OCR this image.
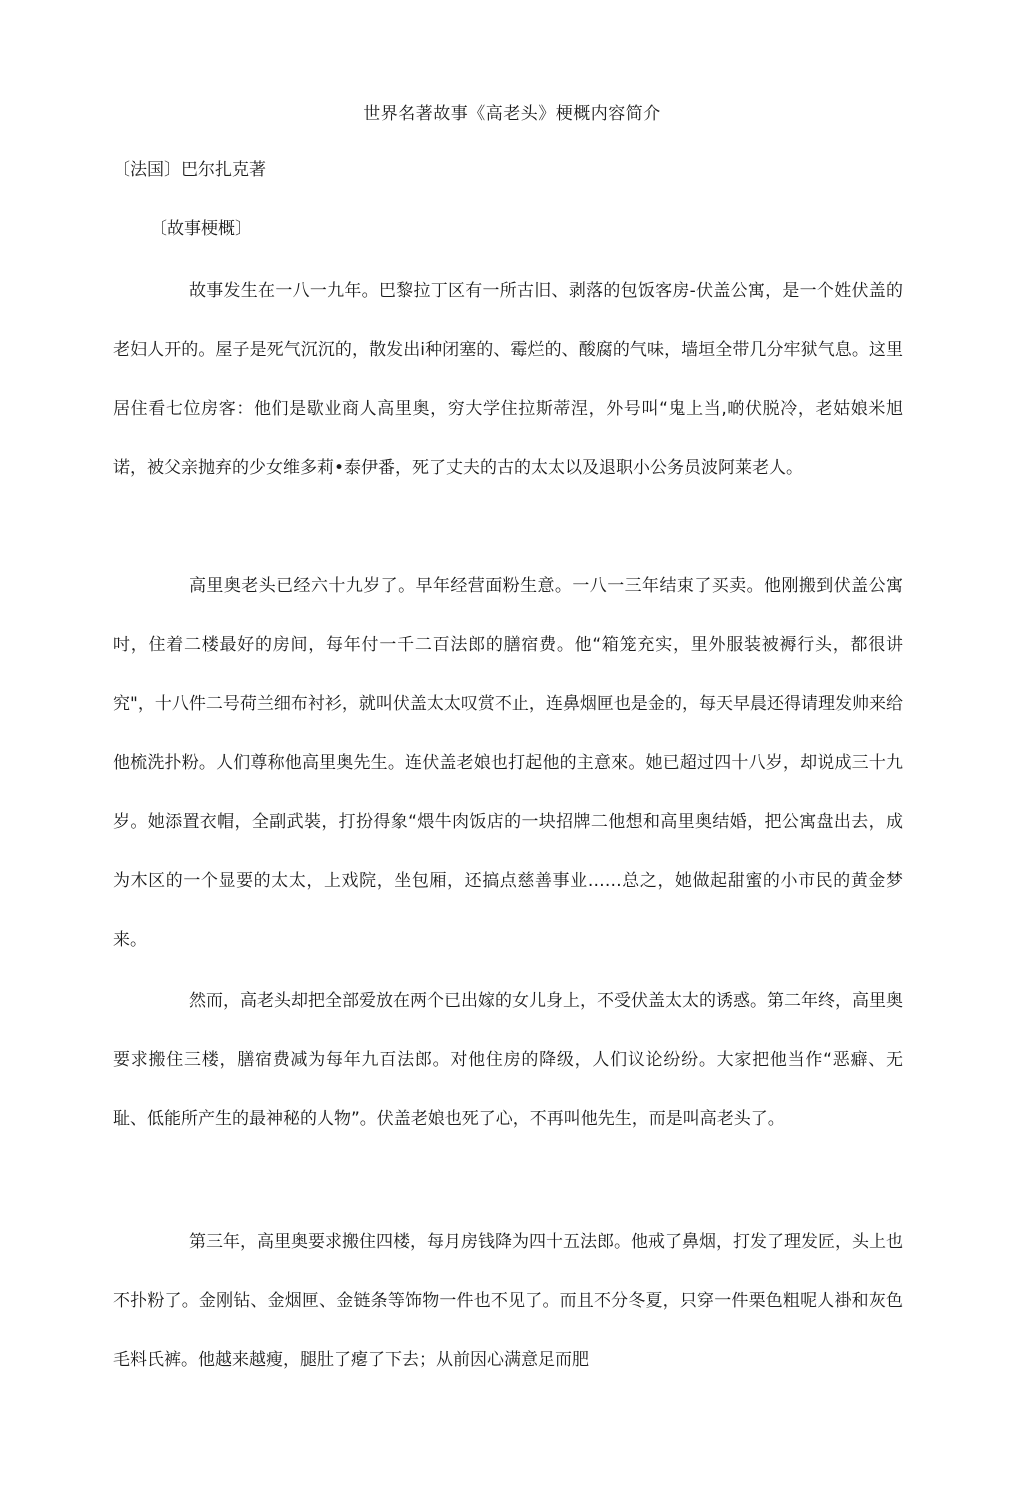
世界名著故事《高老头》梗概内容简介
〔法国〕巴尔扎克著
〔故事梗概〕

故事发生在一八一九年。巴黎拉丁区有一所古旧、剥落的包饭客房-伏盖公寓，是一个姓伏盖的老妇人开的。屋子是死气沉沉的，散发出i种闭塞的、霉烂的、酸腐的气味，墙垣全带几分牢狱气息。这里居住看七位房客：他们是歇业商人高里奥，穷大学住拉斯蒂涅，外号叫“鬼上当,啲伏脱冷，老姑娘米旭诺，被父亲抛弃的少女维多莉•泰伊番，死了丈夫的古的太太以及退职小公务员波阿莱老人。

高里奥老头已经六十九岁了。早年经营面粉生意。一八一三年结束了买卖。他刚搬到伏盖公寓吋，住着二楼最好的房间，每年付一千二百法郎的膳宿费。他“箱笼充实，里外服装被褥行头，都很讲究"，十八件二号荷兰细布衬衫，就叫伏盖太太叹赏不止，连鼻烟匣也是金的，每天早晨还得请理发帅来给他梳洗扑粉。人们尊称他高里奥先生。连伏盖老娘也打起他的主意來。她已超过四十八岁，却说成三十九岁。她添置衣帽，全副武裝，打扮得象“煨牛肉饭店的一块招牌二他想和高里奥结婚，把公寓盘出去，成为木区的一个显要的太太，上戏院，坐包厢，还搞点慈善事业……总之，她做起甜蜜的小市民的黄金梦来。

然而，高老头却把全部爱放在两个已出嫁的女儿身上，不受伏盖太太的诱惑。第二年终，高里奥要求搬住三楼，膳宿费减为每年九百法郎。对他住房的降级，人们议论纷纷。大家把他当作“恶癖、无耻、低能所产生的最神秘的人物”。伏盖老娘也死了心，不再叫他先生，而是叫高老头了。

第三年，高里奥要求搬住四楼，每月房钱降为四十五法郎。他戒了鼻烟，打发了理发匠，头上也不扑粉了。金刚钻、金烟匣、金链条等饰物一件也不见了。而且不分冬夏，只穿一件栗色粗呢人褂和灰色毛料氏裤。他越来越瘦，腿肚了瘪了下去；从前因心满意足而肥
